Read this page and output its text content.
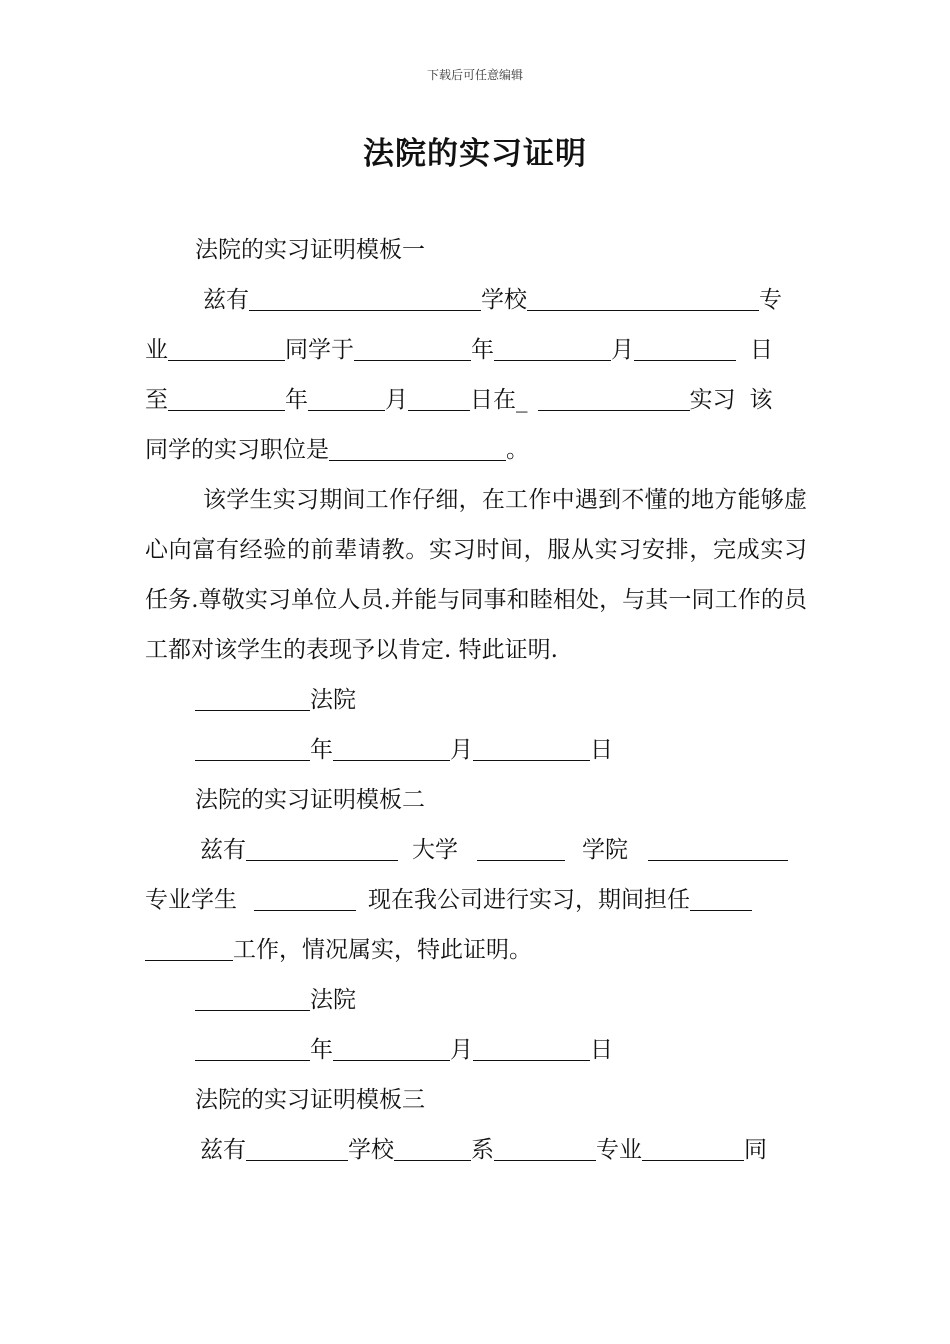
下载后可任意编辑
法院的实习证明

法院的实习证明模板一

兹有	学校	专

业	同学于	年	月	日

至	年	月	日在_	实习 该

同学的实习职位是	。

该学生实习期间工作仔细，在工作中遇到不懂的地方能够虚心向富有经验的前辈请教。实习时间，服从实习安排，完成实习任务.尊敬实习单位人员.并能与同事和睦相处，与其一同工作的员工都对该学生的表现予以肯定. 特此证明.

法院

年	月	日

法院的实习证明模板二

兹有	大学	学院

专业学生	现在我公司进行实习，期间担任

工作，情况属实，特此证明。

法院

年	月	日

法院的实习证明模板三

兹有	学校	系	专业	同
